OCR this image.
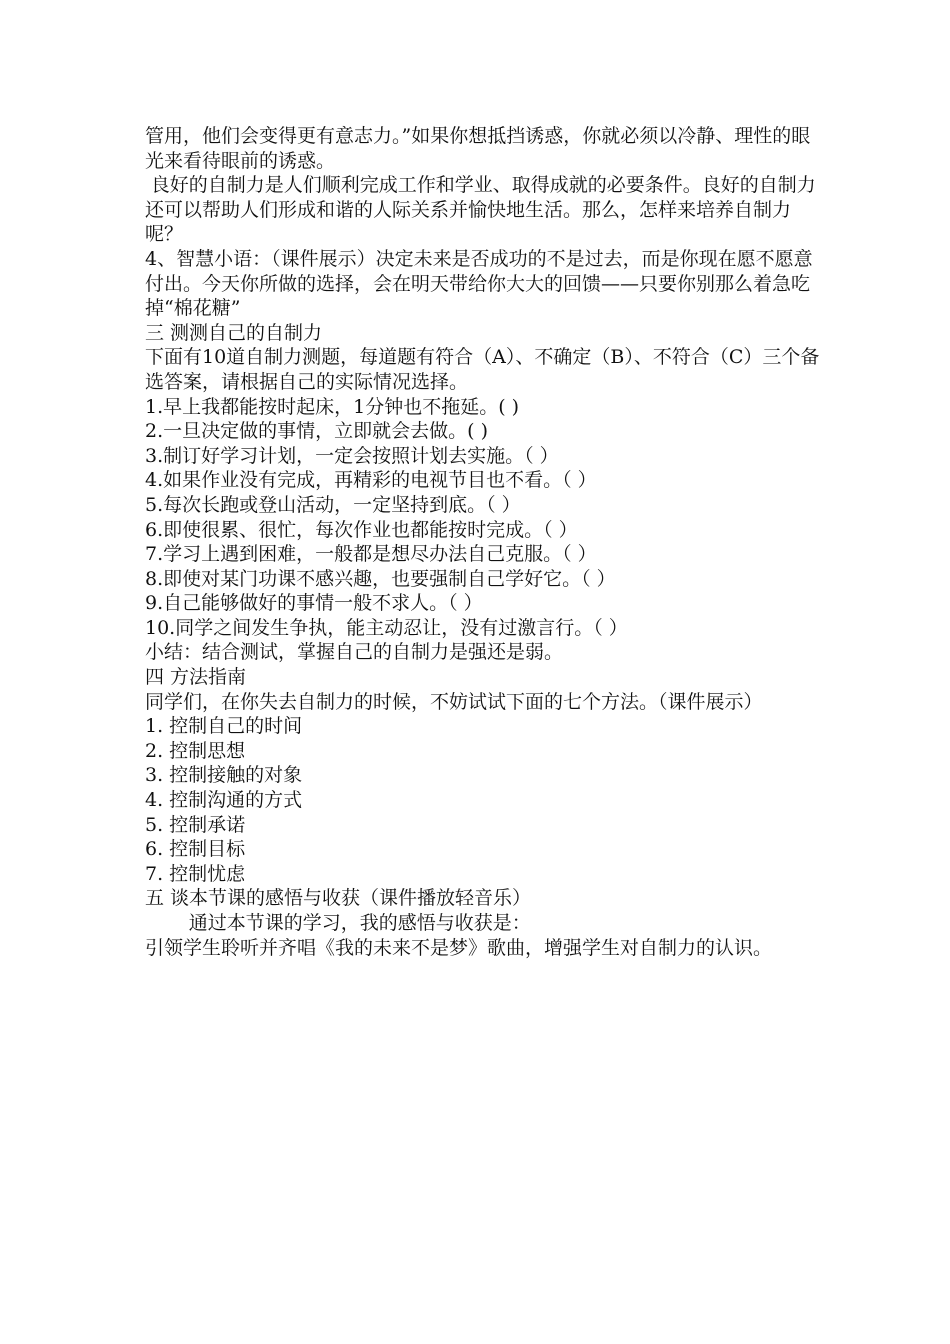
管用，他们会变得更有意志力。”如果你想抵挡诱惑，你就必须以冷静、理性的眼光来看待眼前的诱惑。

良好的自制力是人们顺利完成工作和学业、取得成就的必要条件。良好的自制力还可以帮助人们形成和谐的人际关系并愉快地生活。那么，怎样来培养自制力呢？

4、智慧小语：（课件展示）决定未来是否成功的不是过去，而是你现在愿不愿意付出。今天你所做的选择，会在明天带给你大大的回馈——只要你别那么着急吃掉“棉花糖”

三 测测自己的自制力

下面有10道自制力测题，每道题有符合（A）、不确定（B）、不符合（C）三个备选答案，请根据自己的实际情况选择。

1.早上我都能按时起床，1分钟也不拖延。( )

2.一旦决定做的事情，立即就会去做。( )

3.制订好学习计划，一定会按照计划去实施。（ ）

4.如果作业没有完成，再精彩的电视节目也不看。（ ）

5.每次长跑或登山活动，一定坚持到底。（ ）

6.即使很累、很忙，每次作业也都能按时完成。（ ）

7.学习上遇到困难，一般都是想尽办法自己克服。（ ）

8.即使对某门功课不感兴趣，也要强制自己学好它。（ ）

9.自己能够做好的事情一般不求人。（ ）

10.同学之间发生争执，能主动忍让，没有过激言行。（ ）

小结：结合测试，掌握自己的自制力是强还是弱。

四 方法指南

同学们，在你失去自制力的时候，不妨试试下面的七个方法。（课件展示）

1. 控制自己的时间

2. 控制思想

3. 控制接触的对象

4. 控制沟通的方式

5. 控制承诺

6. 控制目标

7. 控制忧虑

五 谈本节课的感悟与收获（课件播放轻音乐）

通过本节课的学习，我的感悟与收获是：

引领学生聆听并齐唱《我的未来不是梦》歌曲，增强学生对自制力的认识。
